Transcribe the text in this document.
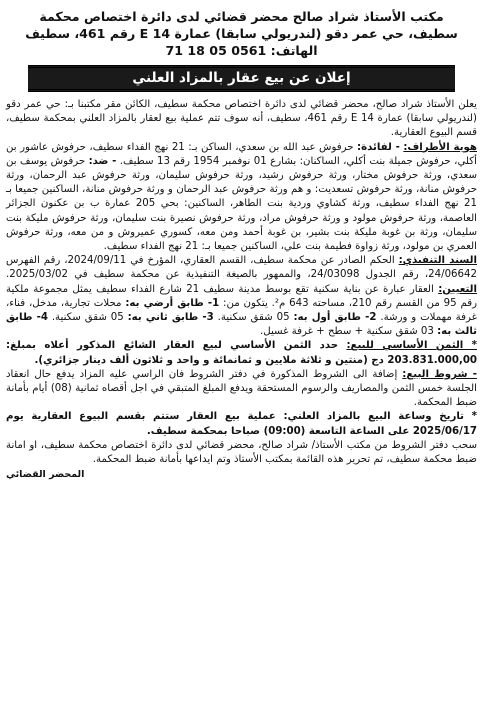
مكتب الأستاذ شراد صالح محضر قضائي لدى دائرة اختصاص محكمة
سطيف، حي عمر دقو (لندريولي سابقا) عمارة E 14 رقم 461، سطيف
الهاتف: 71 18 05 0561
إعلان عن بيع عقار بالمزاد العلني

يعلن الأستاذ شراد صالح، محضر قضائي لدى دائرة اختصاص محكمة سطيف، الكائن مقر مكتبنا بـ: حي عمر دقو (لندريولي سابقا) عمارة E 14 رقم 461، سطيف، أنه سوف تتم عملية بيع لعقار بالمزاد العلني بمحكمة سطيف، قسم البيوع العقارية.

هوية الأطراف: - لفائدة: حرفوش عبد الله بن سعدي، الساكن بـ: 21 نهج الفداء سطيف، حرفوش عاشور بن أكلي، حرفوش جميلة بنت أكلي، الساكنان: بشارع 01 نوفمبر 1954 رقم 13 سطيف. - ضد: حرفوش يوسف بن سعدي، ورثة حرفوش مختار، ورثة حرفوش رشيد، ورثة حرفوش سليمان، ورثة حرفوش عبد الرحمان، ورثة حرفوش منانة، ورثة حرفوش تسعديت: و هم ورثة حرفوش عبد الرحمان و ورثة حرفوش منانة، الساكنين جميعا بـ 21 نهج الفداء سطيف، ورثة كشاوي وردية بنت الطاهر، الساكنين: بحي 205 عمارة ب بن عكنون الجزائر العاصمة، ورثة حرفوش مولود و ورثة حرفوش مراد، ورثة حرفوش نصيرة بنت سليمان، ورثة حرفوش مليكة بنت سليمان، ورثة بن غوبة مليكة بنت بشير، بن غوبة أحمد ومن معه، كسوري عميروش و من معه، ورثة حرفوش العمري بن مولود، ورثة زواوة فطيمة بنت علي، الساكنين جميعا بـ: 21 نهج الفداء سطيف.

السند التنفيذي: الحكم الصادر عن محكمة سطيف، القسم العقاري، المؤرخ في 2024/09/11، رقم الفهرس 24/06642، رقم الجدول 24/03098، والممهور بالصيغة التنفيذية عن محكمة سطيف في 2025/03/02. التعيين: العقار عبارة عن بناية سكنية تقع بوسط مدينة سطيف 21 شارع الفداء سطيف يمثل مجموعة ملكية رقم 95 من القسم رقم 210، مساحته 643 م². يتكون من: 1- طابق أرضي به: محلات تجارية، مدخل، فناء، غرفة مهملات و ورشة. 2- طابق أول به: 05 شقق سكنية. 3- طابق ثاني به: 05 شقق سكنية. 4- طابق ثالث به: 03 شقق سكنية + سطح + غرفة غسيل.

* الثمن الأساسي للبيع: حدد الثمن الأساسي لبيع العقار الشائع المذكور أعلاه بمبلغ: 203.831.000,00 دج (منتين و ثلاثة ملايين و ثمانمائة و واحد و ثلاثون ألف دينار جزائري).

- شروط البيع: إضافة الى الشروط المذكورة في دفتر الشروط فان الراسي عليه المزاد يدفع حال انعقاد الجلسة خمس الثمن والمصاريف والرسوم المستحقة ويدفع المبلغ المتبقي في اجل أقصاه ثمانية (08) أيام بأمانة ضبط المحكمة.

* تاريخ وساعة البيع بالمزاد العلني: عملية بيع العقار ستتم بقسم البيوع العقارية يوم 2025/06/17 على الساعة التاسعة (09:00) صباحا بمحكمة سطيف.

سحب دفتر الشروط من مكتب الأستاذ/ شراد صالح، محضر قضائي لدى دائرة اختصاص محكمة سطيف، او امانة ضبط محكمة سطيف، تم تحرير هذه القائمة بمكتب الأستاذ وتم ايداعها بأمانة ضبط المحكمة.

المحضر القضائي
